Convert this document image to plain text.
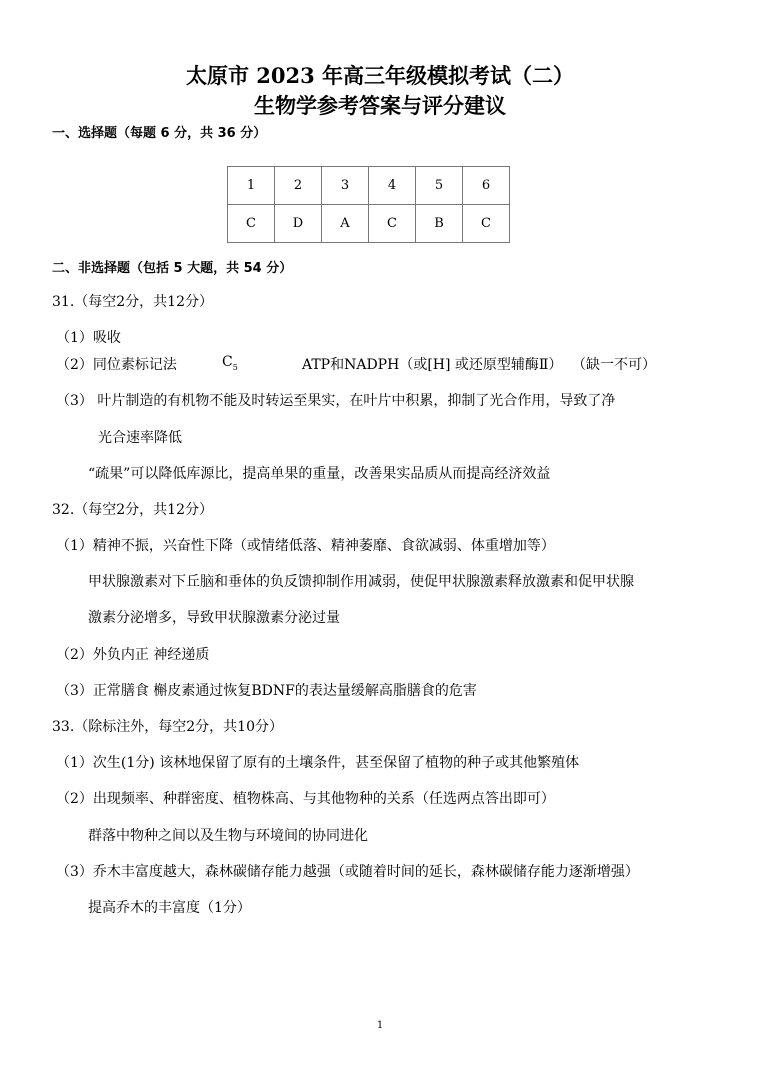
太原市 2023 年高三年级模拟考试（二）
生物学参考答案与评分建议
一、选择题（每题 6 分，共 36 分）
1	2	3	4	5	6
C	D	A	C	B	C
二、非选择题（包括 5 大题，共 54 分）
31.（每空2分，共12分）
（1）吸收
（2）同位素标记法	$C_5$	ATP和NADPH（或[H] 或还原型辅酶Ⅱ） （缺一不可）
（3） 叶片制造的有机物不能及时转运至果实，在叶片中积累，抑制了光合作用，导致了净
光合速率降低
“疏果”可以降低库源比，提高单果的重量，改善果实品质从而提高经济效益
32.（每空2分，共12分）
（1）精神不振，兴奋性下降（或情绪低落、精神萎靡、食欲减弱、体重增加等）
甲状腺激素对下丘脑和垂体的负反馈抑制作用减弱，使促甲状腺激素释放激素和促甲状腺
激素分泌增多，导致甲状腺激素分泌过量
（2）外负内正 神经递质
（3）正常膳食 槲皮素通过恢复BDNF的表达量缓解高脂膳食的危害
33.（除标注外，每空2分，共10分）
（1）次生(1分) 该林地保留了原有的土壤条件，甚至保留了植物的种子或其他繁殖体
（2）出现频率、种群密度、植物株高、与其他物种的关系（任选两点答出即可）
群落中物种之间以及生物与环境间的协同进化
（3）乔木丰富度越大，森林碳储存能力越强（或随着时间的延长，森林碳储存能力逐渐增强）
提高乔木的丰富度（1分）
1
